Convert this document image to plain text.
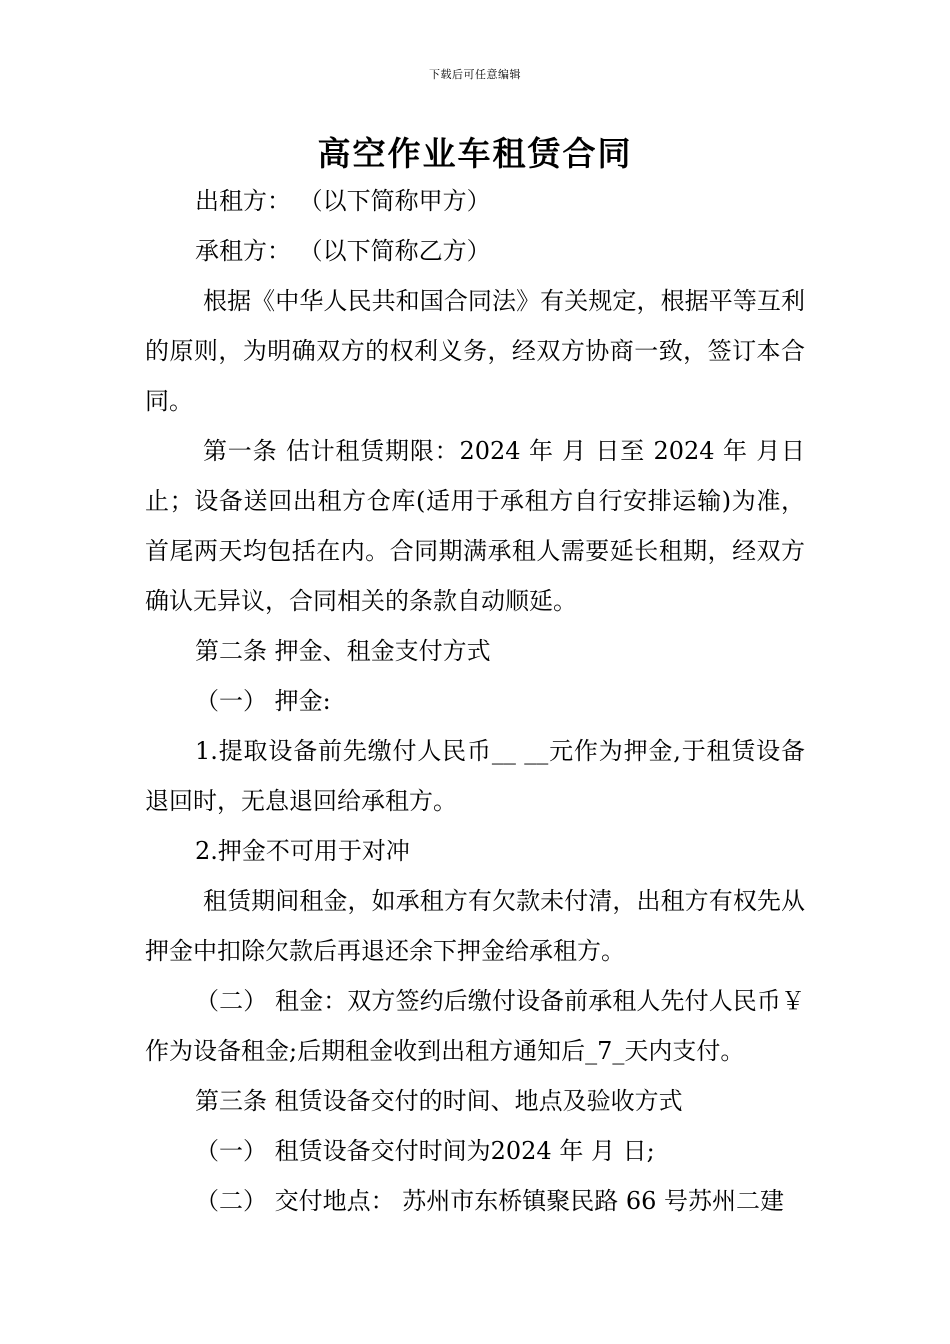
下载后可任意编辑
高空作业车租赁合同

出租方： （以下简称甲方）

承租方： （以下简称乙方）

根据《中华人民共和国合同法》有关规定，根据平等互利的原则，为明确双方的权利义务，经双方协商一致，签订本合同。

第一条 估计租赁期限：2024 年 月 日至 2024 年 月日止；设备送回出租方仓库(适用于承租方自行安排运输)为准，首尾两天均包括在内。合同期满承租人需要延长租期，经双方确认无异议，合同相关的条款自动顺延。

第二条 押金、租金支付方式

（一） 押金:

1.提取设备前先缴付人民币__ __元作为押金,于租赁设备退回时，无息退回给承租方。

2.押金不可用于对冲

租赁期间租金，如承租方有欠款未付清，出租方有权先从押金中扣除欠款后再退还余下押金给承租方。

（二） 租金：双方签约后缴付设备前承租人先付人民币￥ 作为设备租金;后期租金收到出租方通知后_7_天内支付。

第三条 租赁设备交付的时间、地点及验收方式

（一） 租赁设备交付时间为2024 年 月 日;

（二） 交付地点： 苏州市东桥镇聚民路 66 号苏州二建
